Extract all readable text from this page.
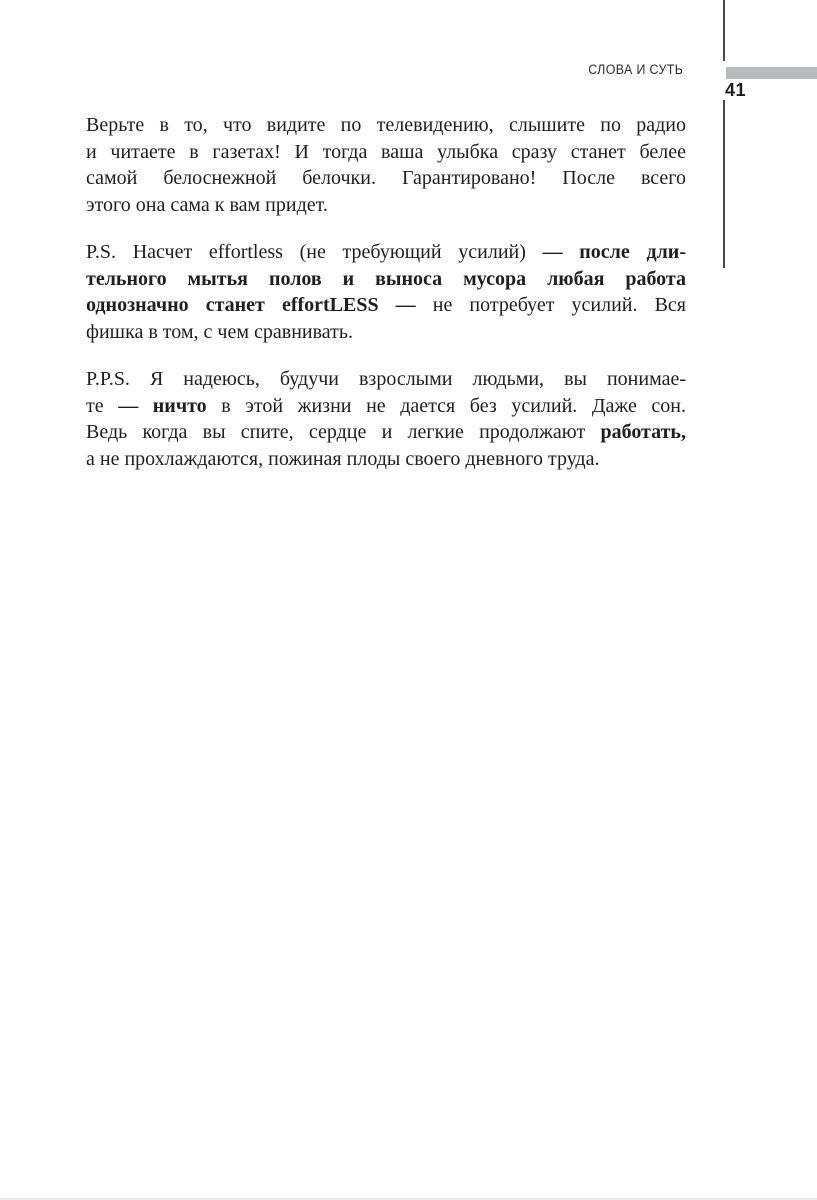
СЛОВА И СУТЬ
41

Верьте в то, что видите по телевидению, слышите по радио
и читаете в газетах! И тогда ваша улыбка сразу станет белее
самой белоснежной белочки. Гарантировано! После всего
этого она сама к вам придет.

P.S. Насчет effortless (не требующий усилий) — после дли-
тельного мытья полов и выноса мусора любая работа
однозначно станет effortLESS — не потребует усилий. Вся
фишка в том, с чем сравнивать.

P.P.S. Я надеюсь, будучи взрослыми людьми, вы понимае-
те — ничто в этой жизни не дается без усилий. Даже сон.
Ведь когда вы спите, сердце и легкие продолжают работать,
а не прохлаждаются, пожиная плоды своего дневного труда.
